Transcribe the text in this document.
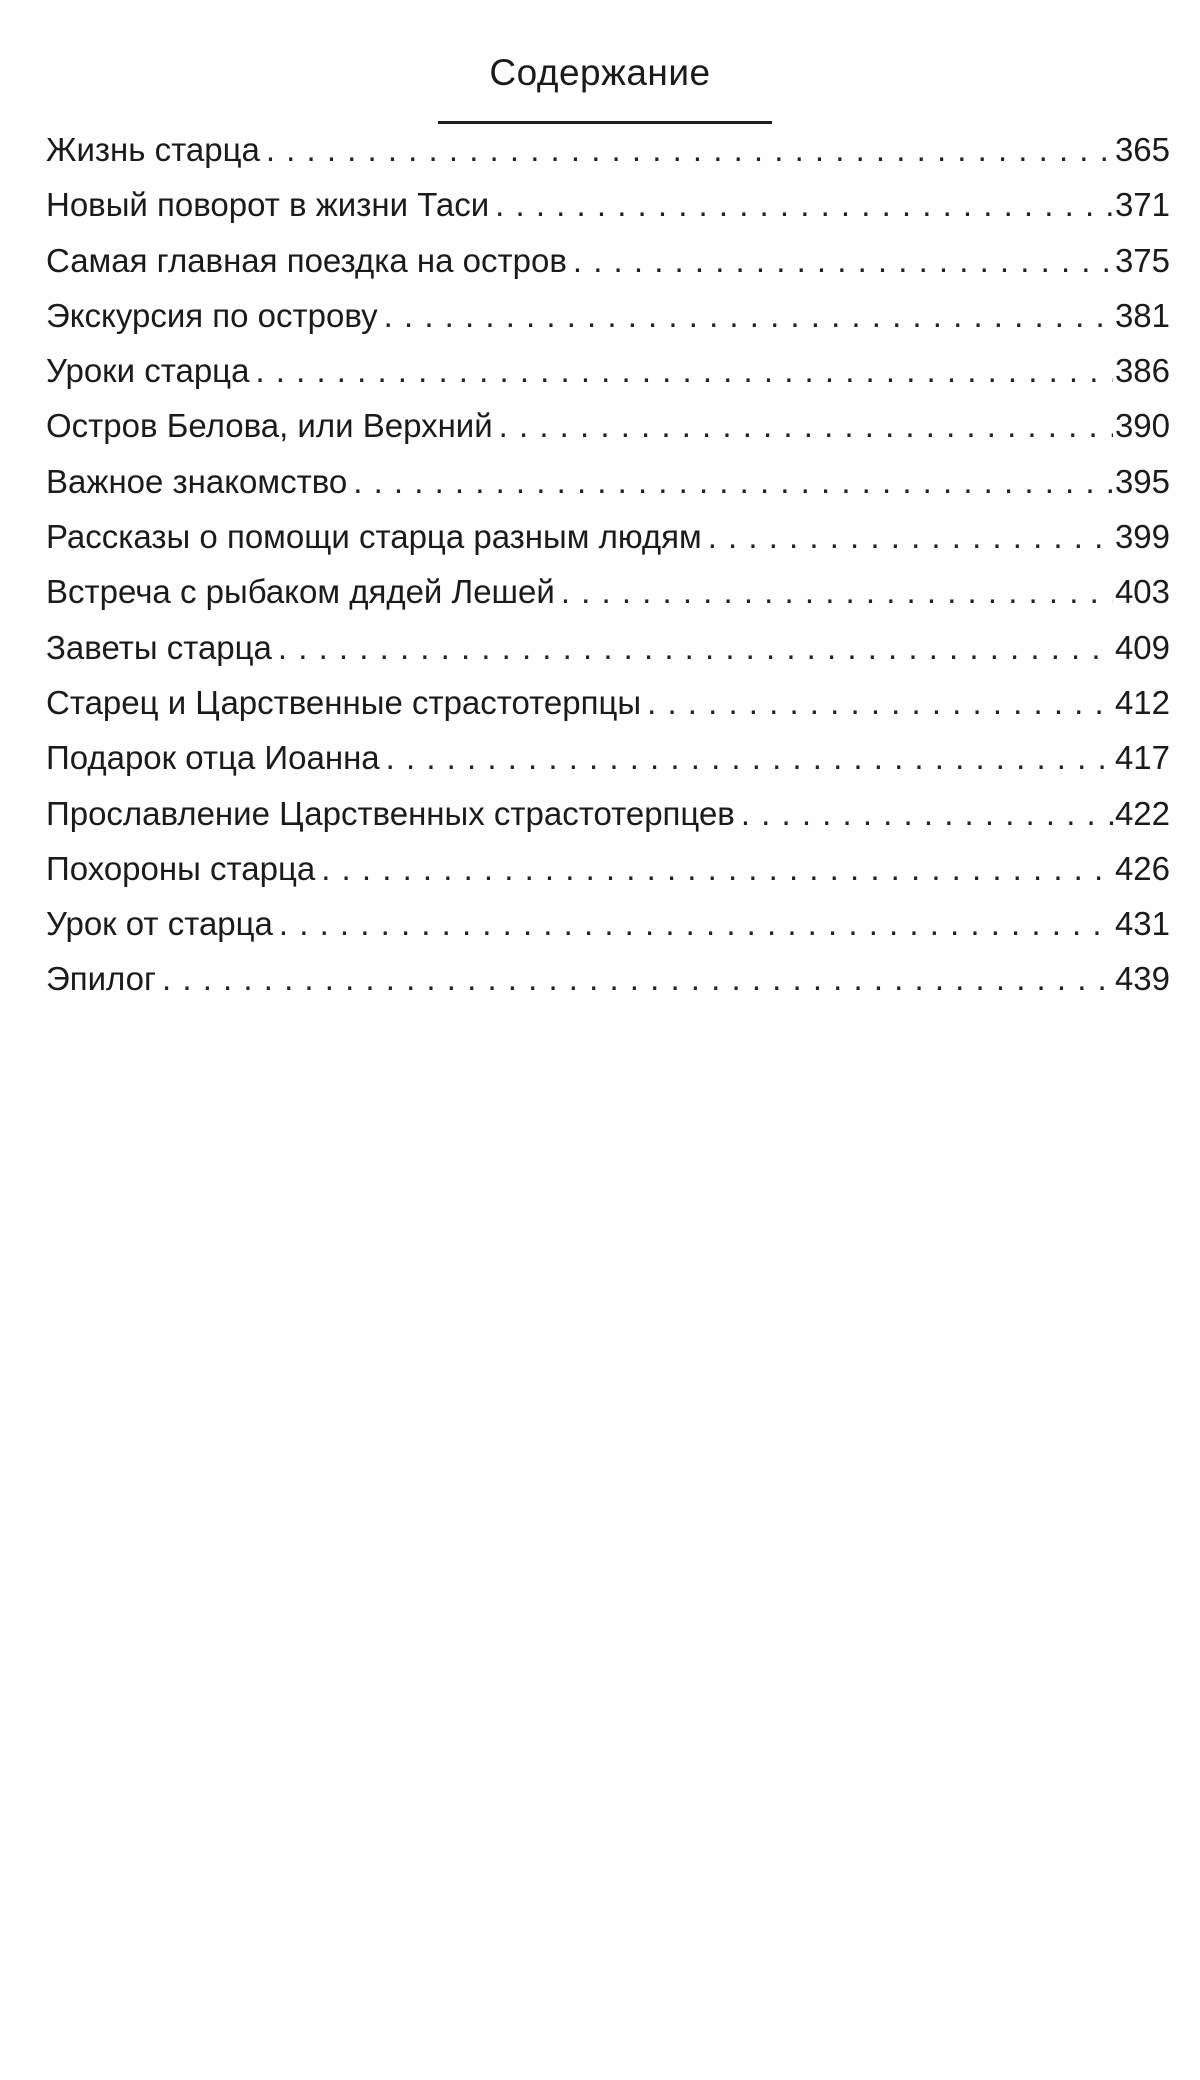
Содержание
Жизнь старца . . .	365
Новый поворот в жизни Таси . . .	371
Самая главная поездка на остров . . .	375
Экскурсия по острову . . .	381
Уроки старца . . .	386
Остров Белова, или Верхний . . .	390
Важное знакомство . . .	395
Рассказы о помощи старца разным людям . . .	399
Встреча с рыбаком дядей Лешей . . .	403
Заветы старца . . .	409
Старец и Царственные страстотерпцы . . .	412
Подарок отца Иоанна . . .	417
Прославление Царственных страстотерпцев . . .	422
Похороны старца . . .	426
Урок от старца . . .	431
Эпилог . . .	439
